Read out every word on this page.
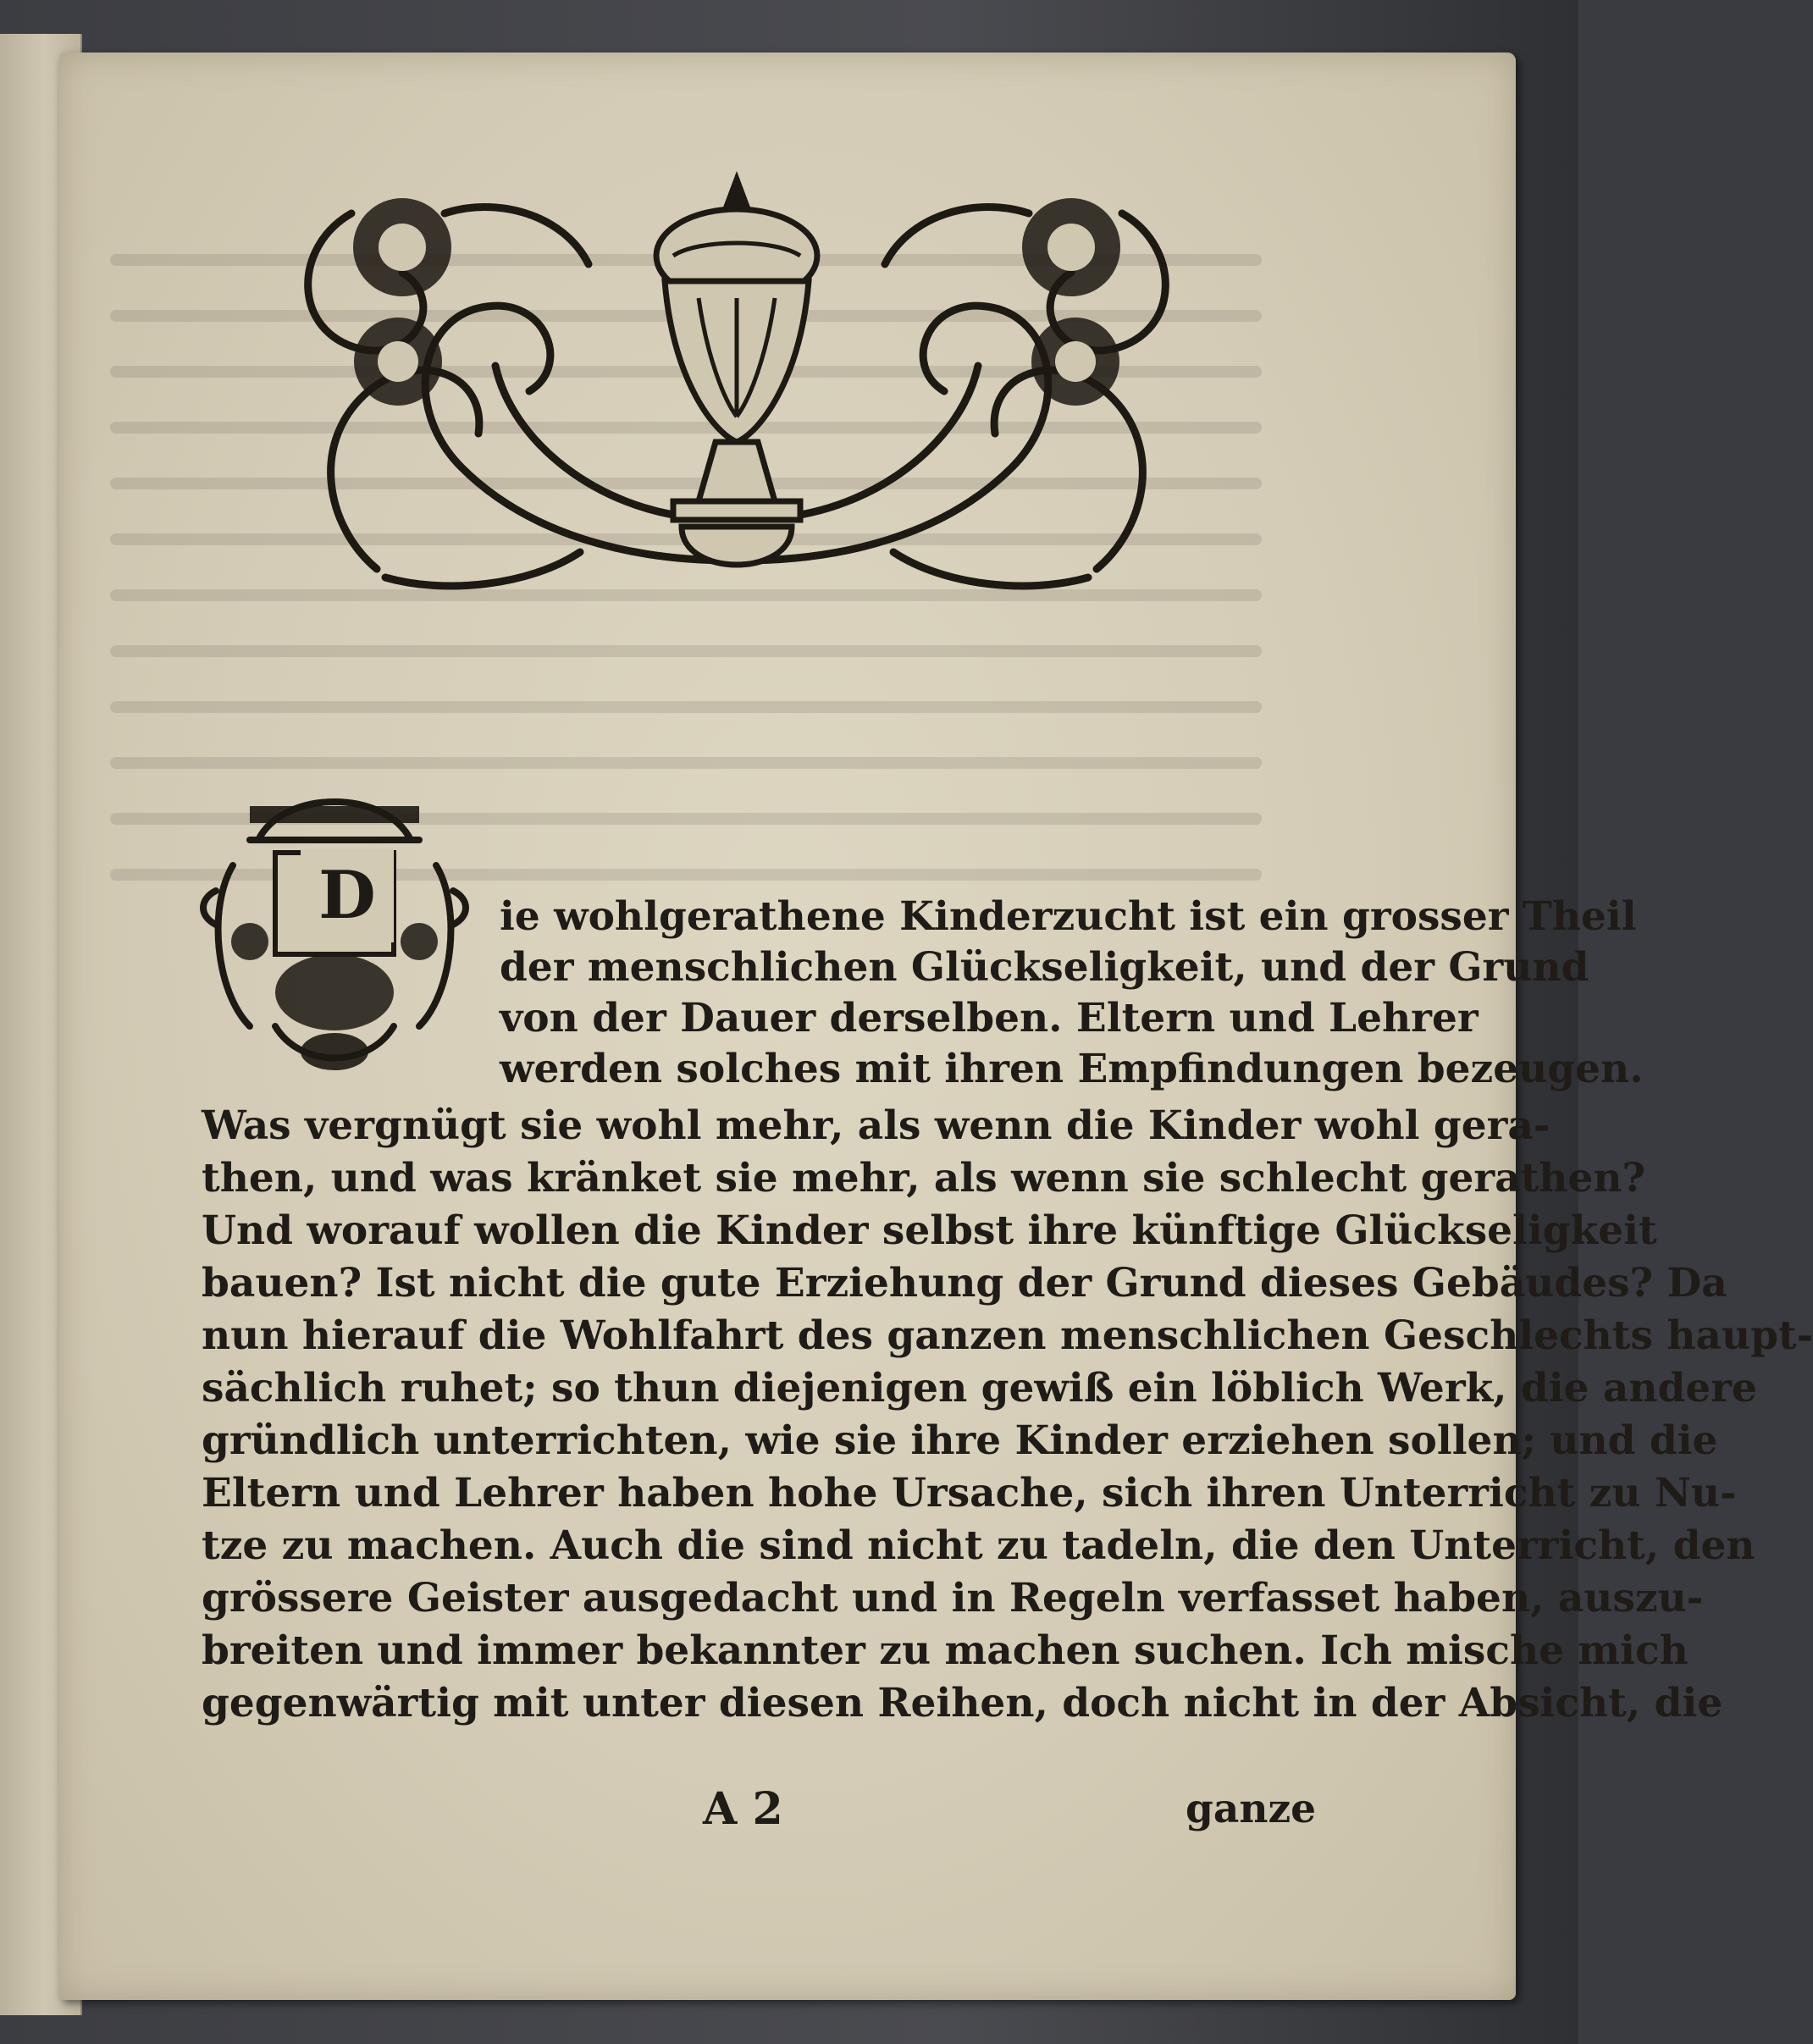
D	ie wohlgerathene Kinderzucht ist ein grosser Theil
der menschlichen Glückseligkeit, und der Grund
von der Dauer derselben. Eltern und Lehrer
werden solches mit ihren Empfindungen bezeugen.
Was vergnügt sie wohl mehr, als wenn die Kinder wohl gera-
then, und was kränket sie mehr, als wenn sie schlecht gerathen?
Und worauf wollen die Kinder selbst ihre künftige Glückseligkeit
bauen? Ist nicht die gute Erziehung der Grund dieses Gebäudes? Da
nun hierauf die Wohlfahrt des ganzen menschlichen Geschlechts haupt-
sächlich ruhet; so thun diejenigen gewiß ein löblich Werk, die andere
gründlich unterrichten, wie sie ihre Kinder erziehen sollen; und die
Eltern und Lehrer haben hohe Ursache, sich ihren Unterricht zu Nu-
tze zu machen. Auch die sind nicht zu tadeln, die den Unterricht, den
grössere Geister ausgedacht und in Regeln verfasset haben, auszu-
breiten und immer bekannter zu machen suchen. Ich mische mich
gegenwärtig mit unter diesen Reihen, doch nicht in der Absicht, die
A 2	ganze
